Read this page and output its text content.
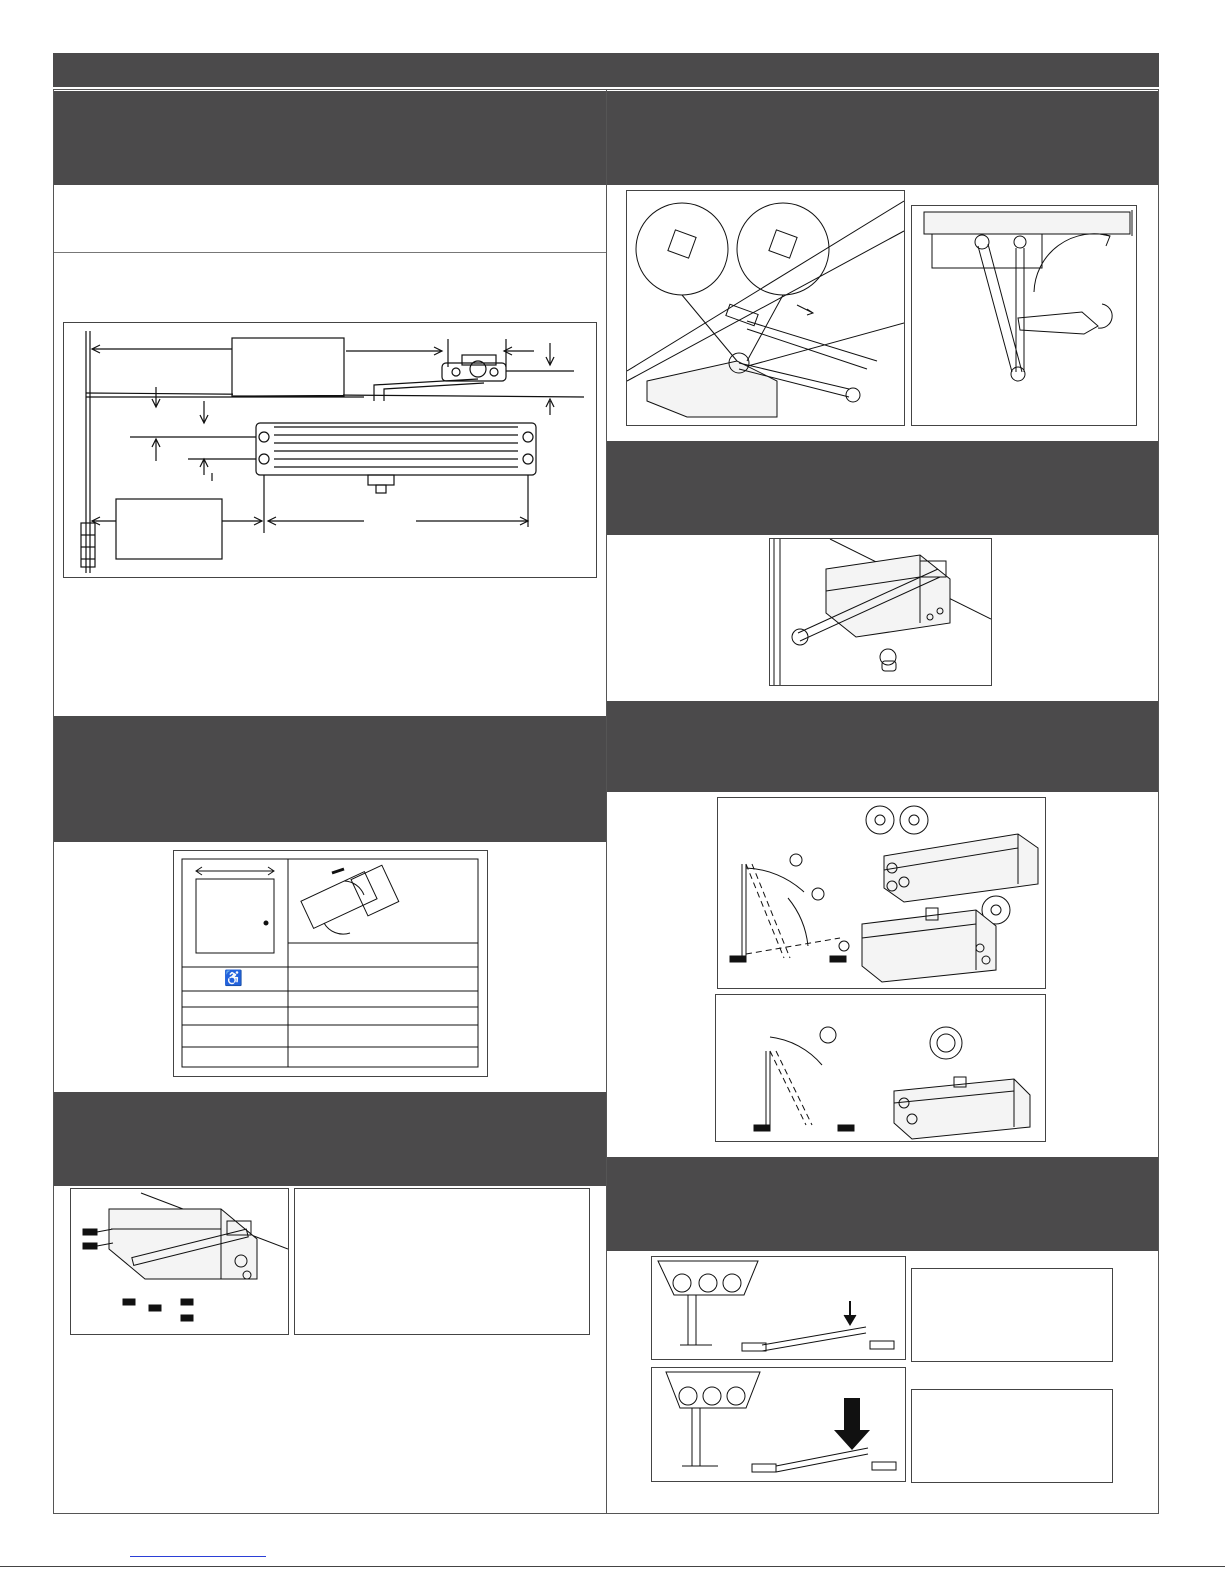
♿
